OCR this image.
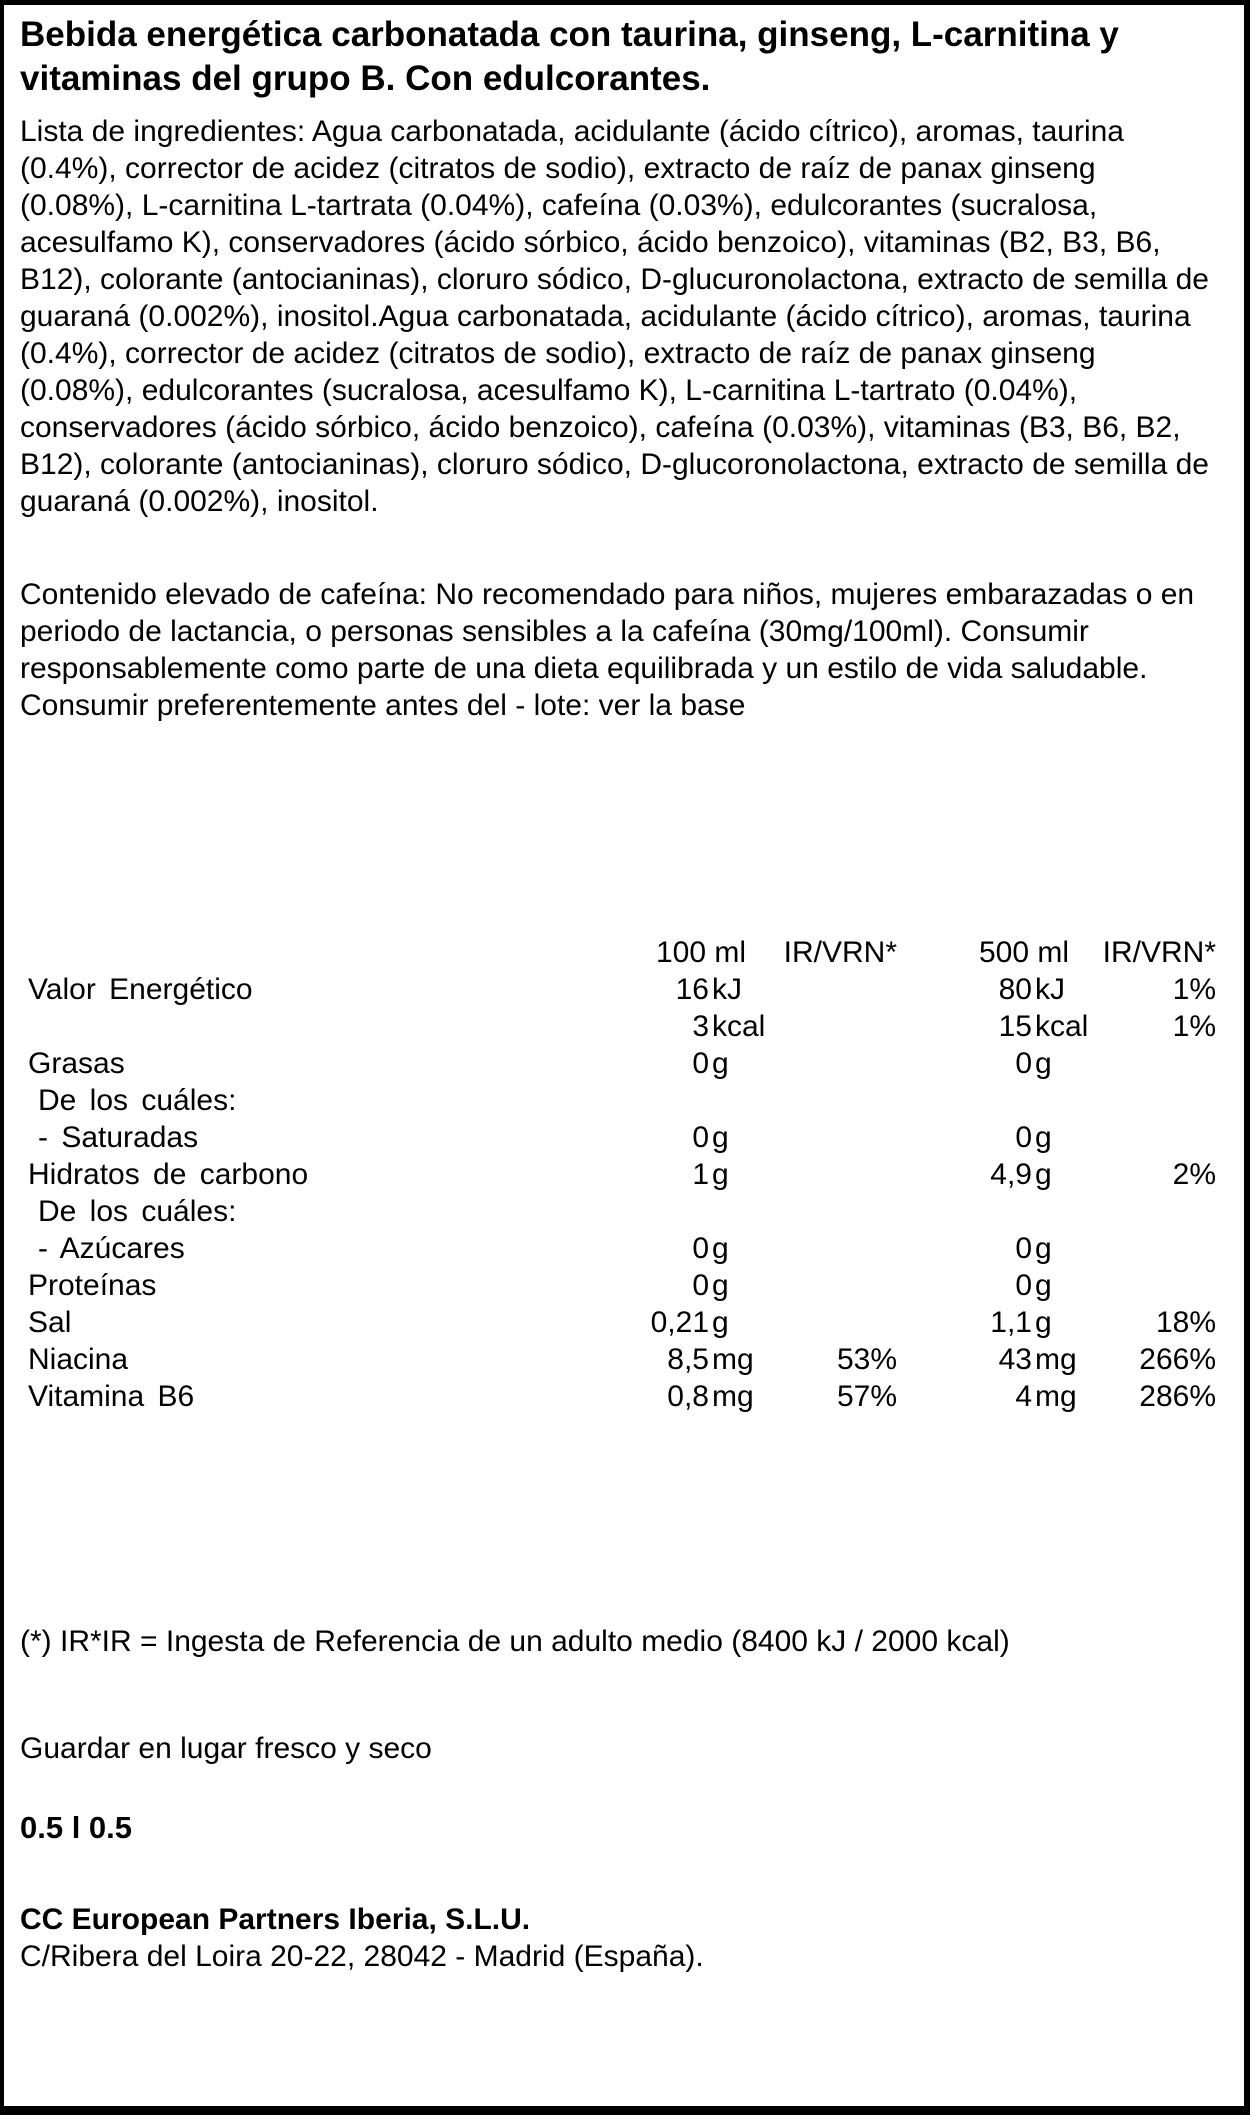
Bebida energética carbonatada con taurina, ginseng, L-carnitina y vitaminas del grupo B. Con edulcorantes.

Lista de ingredientes: Agua carbonatada, acidulante (ácido cítrico), aromas, taurina (0.4%), corrector de acidez (citratos de sodio), extracto de raíz de panax ginseng (0.08%), L-carnitina L-tartrata (0.04%), cafeína (0.03%), edulcorantes (sucralosa, acesulfamo K), conservadores (ácido sórbico, ácido benzoico), vitaminas (B2, B3, B6, B12), colorante (antocianinas), cloruro sódico, D-glucuronolactona, extracto de semilla de guaraná (0.002%), inositol.Agua carbonatada, acidulante (ácido cítrico), aromas, taurina (0.4%), corrector de acidez (citratos de sodio), extracto de raíz de panax ginseng (0.08%), edulcorantes (sucralosa, acesulfamo K), L-carnitina L-tartrato (0.04%), conservadores (ácido sórbico, ácido benzoico), cafeína (0.03%), vitaminas (B3, B6, B2, B12), colorante (antocianinas), cloruro sódico, D-glucoronolactona, extracto de semilla de guaraná (0.002%), inositol.

Contenido elevado de cafeína: No recomendado para niños, mujeres embarazadas o en periodo de lactancia, o personas sensibles a la cafeína (30mg/100ml). Consumir responsablemente como parte de una dieta equilibrada y un estilo de vida saludable.

Consumir preferentemente antes del - lote: ver la base

	100 ml	IR/VRN*	500 ml	IR/VRN*
Valor Energético	16 kJ		80 kJ	1%

	3 kcal		15 kcal	1%
Grasas	0 g		0 g	

De los cuáles:	

- Saturadas	0 g		0 g	

Hidratos de carbono	1 g		4,9 g	2%
De los cuáles:	

- Azúcares	0 g		0 g	

Proteínas	0 g		0 g	

Sal	0,21 g		1,1 g	18%
Niacina	8,5 mg	53%	43 mg	266%
Vitamina B6	0,8 mg	57%	4 mg	286%

(*) IR*IR = Ingesta de Referencia de un adulto medio (8400 kJ / 2000 kcal)

Guardar en lugar fresco y seco

0.5 l 0.5

CC European Partners Iberia, S.L.U.

C/Ribera del Loira 20-22, 28042 - Madrid (España).
